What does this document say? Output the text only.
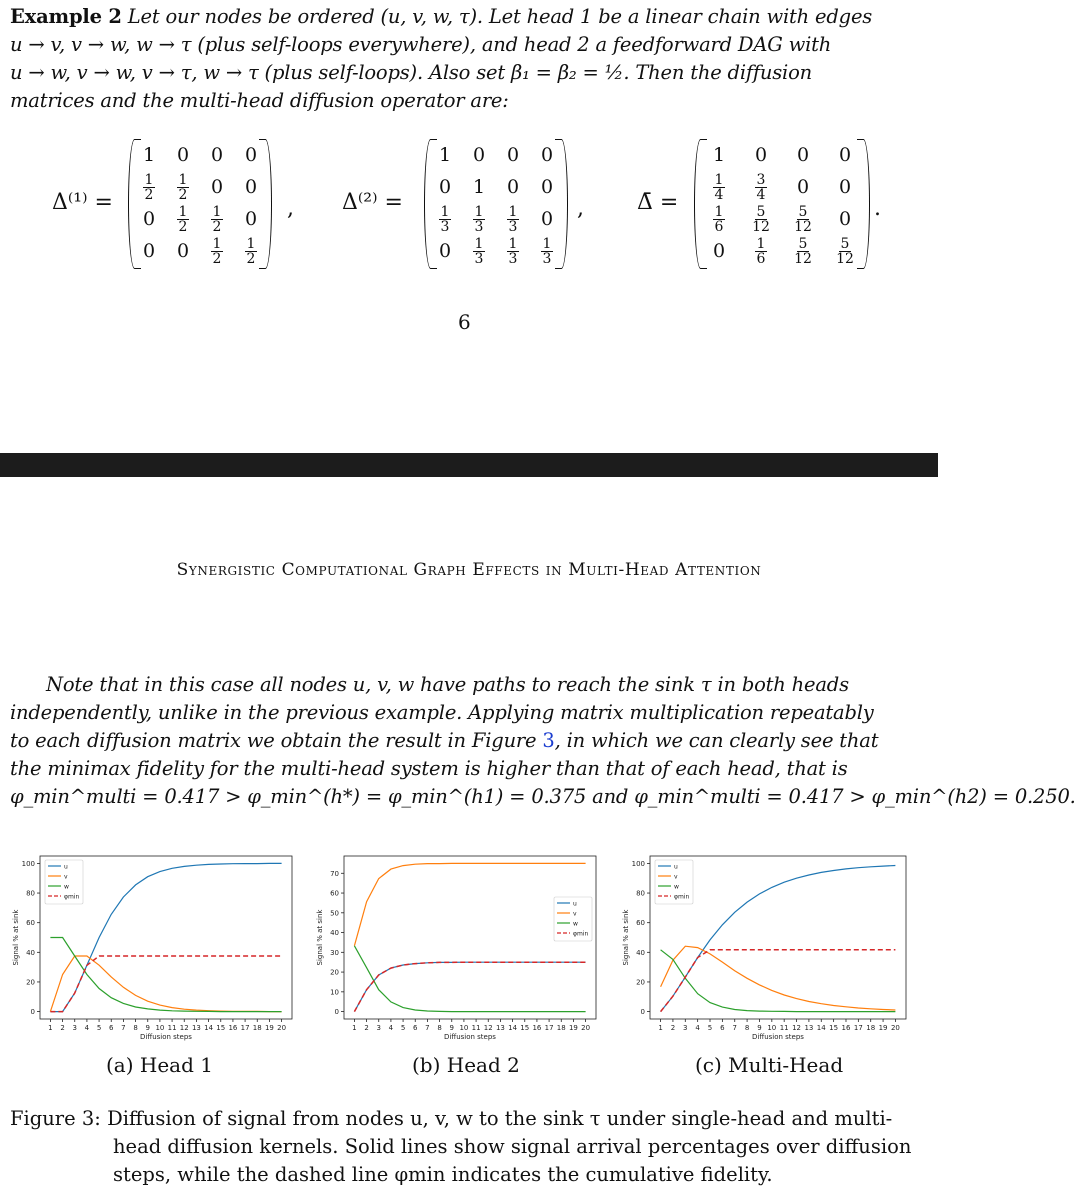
Example 2 Let our nodes be ordered (u, v, w, τ). Let head 1 be a linear chain with edges
u → v, v → w, w → τ (plus self-loops everywhere), and head 2 a feedforward DAG with
u → w, v → w, v → τ, w → τ (plus self-loops). Also set β₁ = β₂ = ½. Then the diffusion
matrices and the multi-head diffusion operator are:
Δ⁽¹⁾ =
1	0	0	0

$\frac{1}{2}$	$\frac{1}{2}$	0	0
0	$\frac{1}{2}$	$\frac{1}{2}$	0
0	0	$\frac{1}{2}$	$\frac{1}{2}$
, Δ⁽²⁾ =
1	0	0	0
0	1	0	0

$\frac{1}{3}$	$\frac{1}{3}$	$\frac{1}{3}$	0
0	$\frac{1}{3}$	$\frac{1}{3}$	$\frac{1}{3}$
, Δ̄ =
1	0	0	0

$\frac{1}{4}$	$\frac{3}{4}$	0	0

$\frac{1}{6}$	$\frac{5}{12}$	$\frac{5}{12}$	0
0	$\frac{1}{6}$	$\frac{5}{12}$	$\frac{5}{12}$
.
6
Synergistic Computational Graph Effects in Multi-Head Attention
Note that in this case all nodes u, v, w have paths to reach the sink τ in both heads
independently, unlike in the previous example. Applying matrix multiplication repeatably
to each diffusion matrix we obtain the result in Figure 3, in which we can clearly see that
the minimax fidelity for the multi-head system is higher than that of each head, that is
φ_min^multi = 0.417 > φ_min^(h*) = φ_min^(h1) = 0.375 and φ_min^multi = 0.417 > φ_min^(h2) = 0.250.
0
20
40
60
80
100
1 2 3 4 5 6 7 8 9 10 11 12 13 14 15 16 17 18 19 20
Diffusion steps
Signal % at sink
u
v
w
φmin
0
10
20
30
40
50
60
70
1 2 3 4 5 6 7 8 9 10 11 12 13 14 15 16 17 18 19 20
Diffusion steps
Signal % at sink
u
v
w
φmin
0
20
40
60
80
100
1 2 3 4 5 6 7 8 9 10 11 12 13 14 15 16 17 18 19 20
Diffusion steps
Signal % at sink
u
v
w
φmin
(a) Head 1	(b) Head 2	(c) Multi-Head
Figure 3: Diffusion of signal from nodes u, v, w to the sink τ under single-head and multi-
head diffusion kernels. Solid lines show signal arrival percentages over diffusion
steps, while the dashed line φmin indicates the cumulative fidelity.
